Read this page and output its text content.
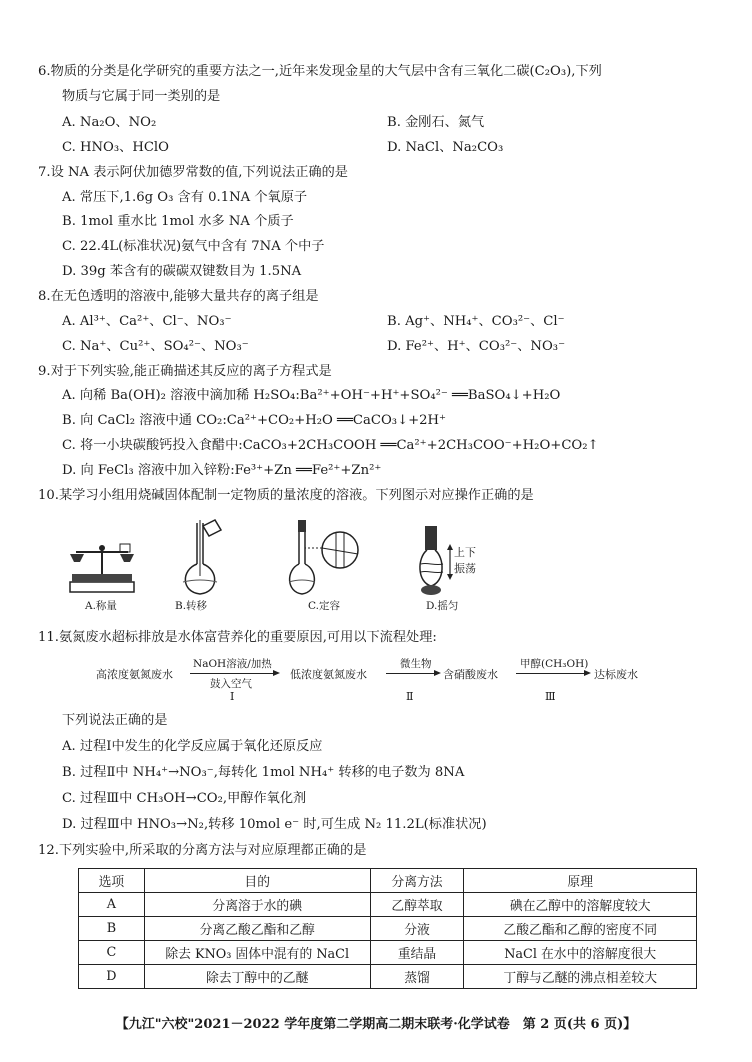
6.物质的分类是化学研究的重要方法之一,近年来发现金星的大气层中含有三氧化二碳(C₂O₃),下列
物质与它属于同一类别的是
A. Na₂O、NO₂	B. 金刚石、氮气
C. HNO₃、HClO	D. NaCl、Na₂CO₃
7.设 NA 表示阿伏加德罗常数的值,下列说法正确的是
A. 常压下,1.6g O₃ 含有 0.1NA 个氧原子
B. 1mol 重水比 1mol 水多 NA 个质子
C. 22.4L(标准状况)氨气中含有 7NA 个中子
D. 39g 苯含有的碳碳双键数目为 1.5NA
8.在无色透明的溶液中,能够大量共存的离子组是
A. Al³⁺、Ca²⁺、Cl⁻、NO₃⁻	B. Ag⁺、NH₄⁺、CO₃²⁻、Cl⁻
C. Na⁺、Cu²⁺、SO₄²⁻、NO₃⁻	D. Fe²⁺、H⁺、CO₃²⁻、NO₃⁻
9.对于下列实验,能正确描述其反应的离子方程式是
A. 向稀 Ba(OH)₂ 溶液中滴加稀 H₂SO₄:Ba²⁺+OH⁻+H⁺+SO₄²⁻ ══BaSO₄↓+H₂O
B. 向 CaCl₂ 溶液中通 CO₂:Ca²⁺+CO₂+H₂O ══CaCO₃↓+2H⁺
C. 将一小块碳酸钙投入食醋中:CaCO₃+2CH₃COOH ══Ca²⁺+2CH₃COO⁻+H₂O+CO₂↑
D. 向 FeCl₃ 溶液中加入锌粉:Fe³⁺+Zn ══Fe²⁺+Zn²⁺
10.某学习小组用烧碱固体配制一定物质的量浓度的溶液。下列图示对应操作正确的是
A.称量	B.转移	C.定容
上下
振荡
D.摇匀
11.氨氮废水超标排放是水体富营养化的重要原因,可用以下流程处理:
高浓度氨氮废水
NaOH溶液/加热
鼓入空气
Ⅰ
低浓度氨氮废水
微生物
Ⅱ
含硝酸废水
甲醇(CH₃OH)
Ⅲ
达标废水
下列说法正确的是
A. 过程Ⅰ中发生的化学反应属于氧化还原反应
B. 过程Ⅱ中 NH₄⁺→NO₃⁻,每转化 1mol NH₄⁺ 转移的电子数为 8NA
C. 过程Ⅲ中 CH₃OH→CO₂,甲醇作氧化剂
D. 过程Ⅲ中 HNO₃→N₂,转移 10mol e⁻ 时,可生成 N₂ 11.2L(标准状况)
12.下列实验中,所采取的分离方法与对应原理都正确的是
选项	目的	分离方法	原理
A	分离溶于水的碘	乙醇萃取	碘在乙醇中的溶解度较大
B	分离乙酸乙酯和乙醇	分液	乙酸乙酯和乙醇的密度不同
C	除去 KNO₃ 固体中混有的 NaCl	重结晶	NaCl 在水中的溶解度很大
D	除去丁醇中的乙醚	蒸馏	丁醇与乙醚的沸点相差较大
【九江"六校"2021－2022 学年度第二学期高二期末联考·化学试卷　第 2 页(共 6 页)】
